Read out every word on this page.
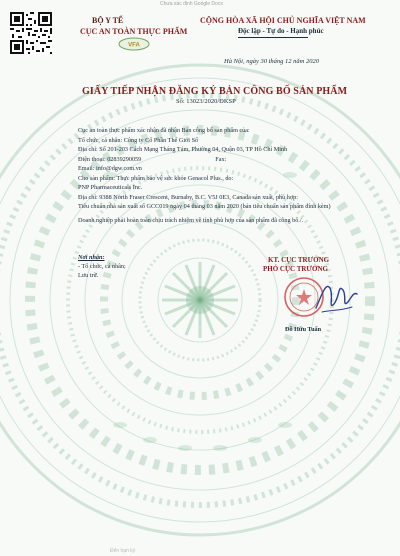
Chưa xác định Google Docs
BỘ Y TẾ
CỤC AN TOÀN THỰC PHẨM
VFA
CỘNG HÒA XÃ HỘI CHỦ NGHĨA VIỆT NAM
Độc lập - Tự do - Hạnh phúc
Hà Nội, ngày 30 tháng 12 năm 2020
GIẤY TIẾP NHẬN ĐĂNG KÝ BẢN CÔNG BỐ SẢN PHẨM
Số: 13023/2020/ĐKSP
Cục an toàn thực phẩm xác nhận đã nhận Bản công bố sản phẩm của:
Tổ chức, cá nhân: Công ty Cổ Phần Thế Giới Số
Địa chỉ: Số 201-203 Cách Mạng Tháng Tám, Phường 04, Quận 03, TP Hồ Chí Minh
Điện thoại: 02839290059	Fax:
Email: info@dgw.com.vn
Cho sản phẩm: Thực phẩm bảo vệ sức khỏe Genacol Plus., do:
PNP Pharmaceuticals Inc.
Địa chỉ: 9388 North Fraser Crescent, Burnaby, B.C. V5J 0E3, Canada sản xuất, phù hợp:
Tiêu chuẩn nhà sản xuất số GCC019 ngày 04 tháng 03 năm 2020 (bản tiêu chuẩn sản phẩm đính kèm)
Doanh nghiệp phải hoàn toàn chịu trách nhiệm về tính phù hợp của sản phẩm đã công bố./.
Nơi nhận:
- Tổ chức, cá nhân;
Lưu trữ.
KT. CỤC TRƯỞNG
PHÓ CỤC TRƯỞNG
Đỗ Hữu Tuấn
Đến hạn ký
